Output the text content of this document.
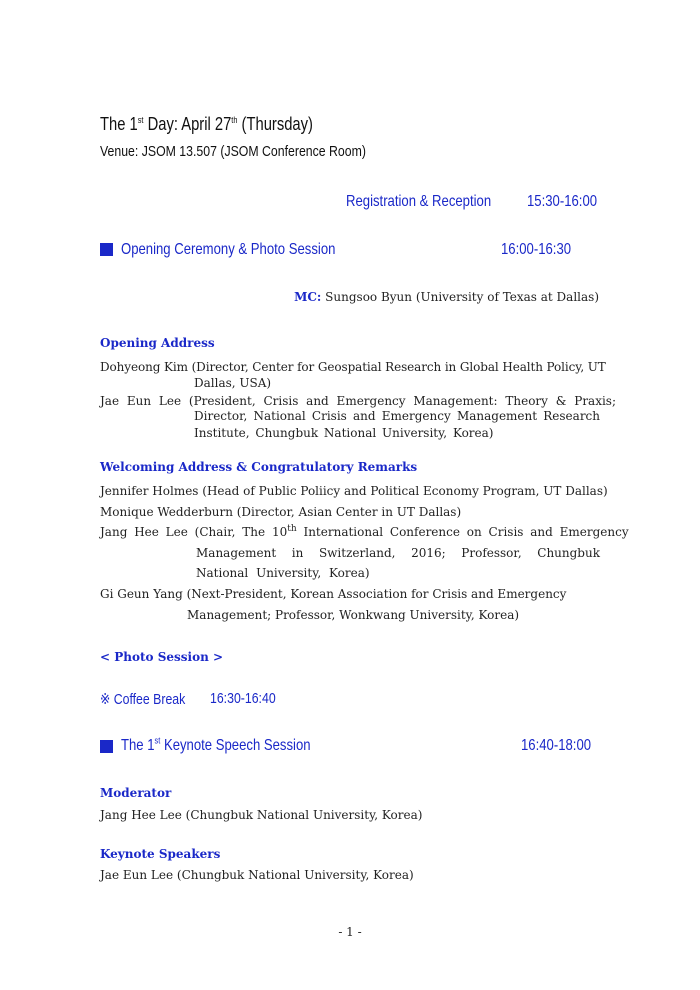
The 1st Day: April 27th (Thursday)
Venue: JSOM 13.507 (JSOM Conference Room)
Registration & Reception 15:30-16:00
Opening Ceremony & Photo Session	16:00-16:30
MC: Sungsoo Byun (University of Texas at Dallas)
Opening Address
Dohyeong Kim (Director, Center for Geospatial Research in Global Health Policy, UT
Dallas, USA)
Jae Eun Lee (President, Crisis and Emergency Management: Theory & Praxis;
Director, National Crisis and Emergency Management Research Institute, Chungbuk National University, Korea)
Welcoming Address & Congratulatory Remarks
Jennifer Holmes (Head of Public Poliicy and Political Economy Program, UT Dallas)
Monique Wedderburn (Director, Asian Center in UT Dallas)
Jang Hee Lee (Chair, The 10th International Conference on Crisis and Emergency
Management in Switzerland, 2016; Professor, Chungbuk National University, Korea)
Gi Geun Yang (Next-President, Korean Association for Crisis and Emergency
Management; Professor, Wonkwang University, Korea)
< Photo Session >
※ Coffee Break 16:30-16:40
The 1st Keynote Speech Session	16:40-18:00
Moderator
Jang Hee Lee (Chungbuk National University, Korea)
Keynote Speakers
Jae Eun Lee (Chungbuk National University, Korea)
- 1 -
